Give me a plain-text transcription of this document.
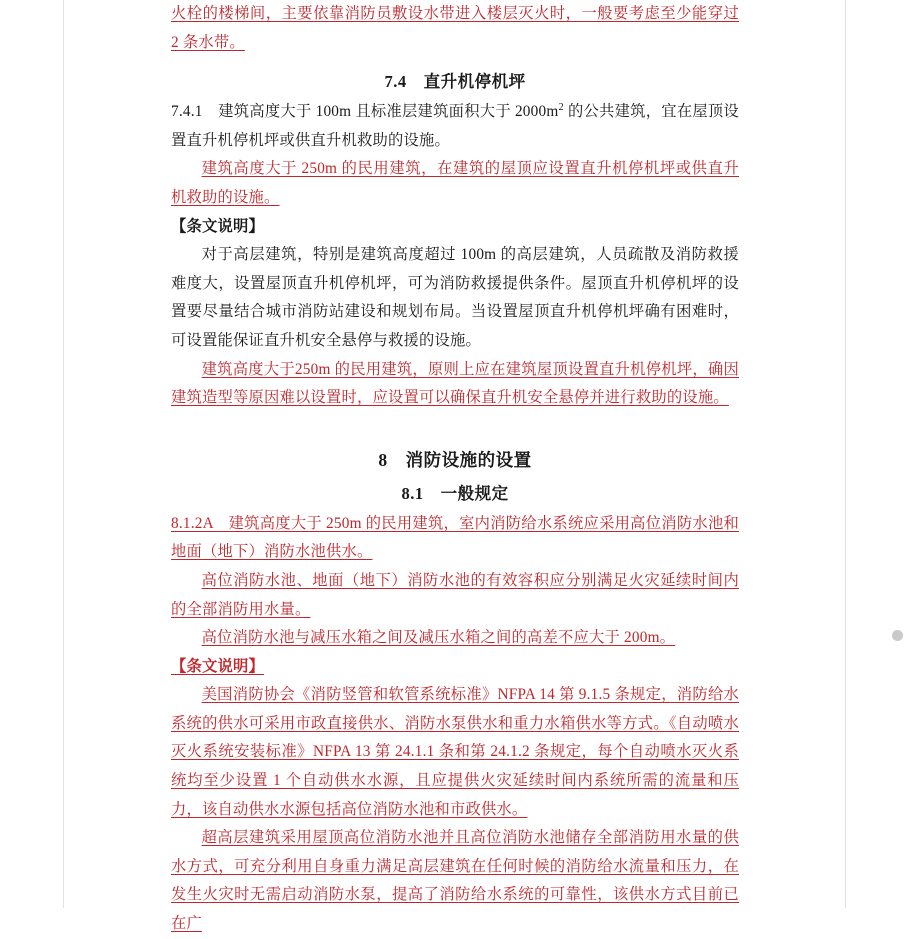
火栓的楼梯间，主要依靠消防员敷设水带进入楼层灭火时，一般要考虑至少能穿过 2 条水带。

7.4　直升机停机坪

7.4.1　建筑高度大于 100m 且标准层建筑面积大于 $2000m^2$ 的公共建筑，宜在屋顶设置直升机停机坪或供直升机救助的设施。

建筑高度大于 250m 的民用建筑，在建筑的屋顶应设置直升机停机坪或供直升机救助的设施。

【条文说明】

对于高层建筑，特别是建筑高度超过 100m 的高层建筑，人员疏散及消防救援难度大，设置屋顶直升机停机坪，可为消防救援提供条件。屋顶直升机停机坪的设置要尽量结合城市消防站建设和规划布局。当设置屋顶直升机停机坪确有困难时，可设置能保证直升机安全悬停与救援的设施。

建筑高度大于250m 的民用建筑，原则上应在建筑屋顶设置直升机停机坪，确因建筑造型等原因难以设置时，应设置可以确保直升机安全悬停并进行救助的设施。

8　消防设施的设置
8.1　一般规定

8.1.2A　建筑高度大于 250m 的民用建筑，室内消防给水系统应采用高位消防水池和地面（地下）消防水池供水。

高位消防水池、地面（地下）消防水池的有效容积应分别满足火灾延续时间内的全部消防用水量。

高位消防水池与减压水箱之间及减压水箱之间的高差不应大于 200m。

【条文说明】

美国消防协会《消防竖管和软管系统标准》NFPA 14 第 9.1.5 条规定，消防给水系统的供水可采用市政直接供水、消防水泵供水和重力水箱供水等方式。《自动喷水灭火系统安装标准》NFPA 13 第 24.1.1 条和第 24.1.2 条规定，每个自动喷水灭火系统均至少设置 1 个自动供水水源，且应提供火灾延续时间内系统所需的流量和压力，该自动供水水源包括高位消防水池和市政供水。

超高层建筑采用屋顶高位消防水池并且高位消防水池储存全部消防用水量的供水方式，可充分利用自身重力满足高层建筑在任何时候的消防给水流量和压力，在发生火灾时无需启动消防水泵，提高了消防给水系统的可靠性，该供水方式目前已在广
